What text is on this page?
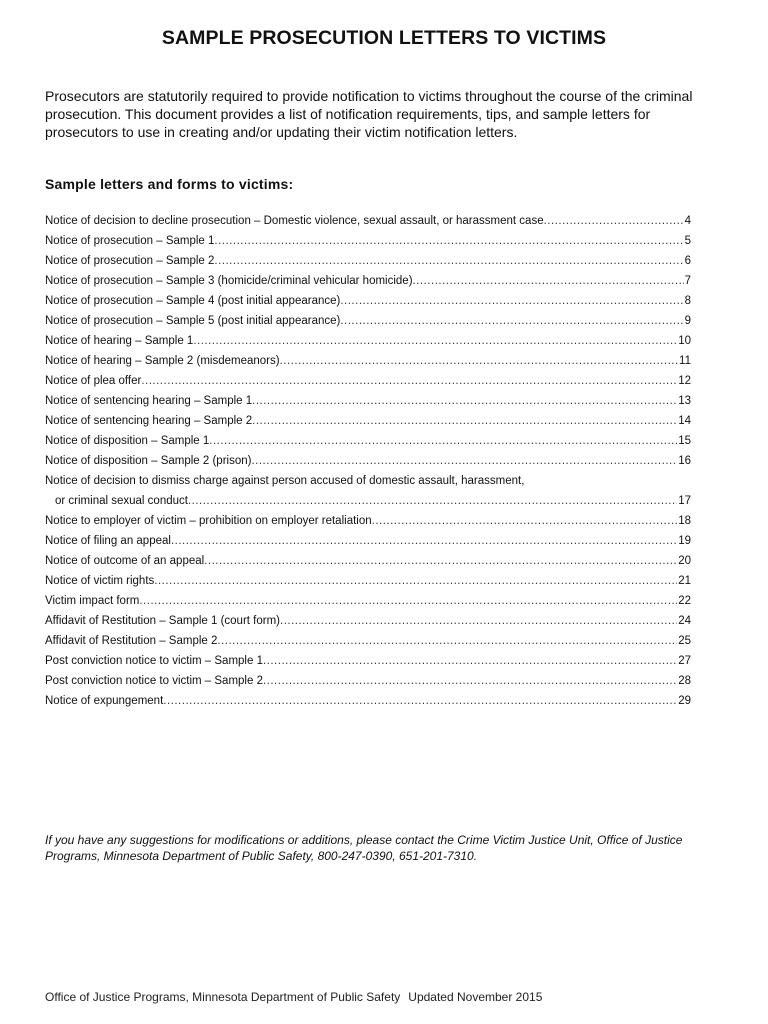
SAMPLE PROSECUTION LETTERS TO VICTIMS

Prosecutors are statutorily required to provide notification to victims throughout the course of the criminal prosecution. This document provides a list of notification requirements, tips, and sample letters for prosecutors to use in creating and/or updating their victim notification letters.

Sample letters and forms to victims:
Notice of decision to decline prosecution – Domestic violence, sexual assault, or harassment case .....	4
Notice of prosecution – Sample 1 .....	5
Notice of prosecution – Sample 2 .....	6
Notice of prosecution – Sample 3 (homicide/criminal vehicular homicide) .....	7
Notice of prosecution – Sample 4 (post initial appearance) .....	8
Notice of prosecution – Sample 5 (post initial appearance) .....	9
Notice of hearing – Sample 1 .....	10
Notice of hearing – Sample 2 (misdemeanors) .....	11
Notice of plea offer .....	12
Notice of sentencing hearing – Sample 1 .....	13
Notice of sentencing hearing – Sample 2 .....	14
Notice of disposition – Sample 1 .....	15
Notice of disposition – Sample 2 (prison) .....	16
Notice of decision to dismiss charge against person accused of domestic assault, harassment,
or criminal sexual conduct .....	17
Notice to employer of victim – prohibition on employer retaliation .....	18
Notice of filing an appeal .....	19
Notice of outcome of an appeal .....	20
Notice of victim rights .....	21
Victim impact form .....	22
Affidavit of Restitution – Sample 1 (court form) .....	24
Affidavit of Restitution – Sample 2 .....	25
Post conviction notice to victim – Sample 1 .....	27
Post conviction notice to victim – Sample 2 .....	28
Notice of expungement .....	29

If you have any suggestions for modifications or additions, please contact the Crime Victim Justice Unit, Office of Justice Programs, Minnesota Department of Public Safety, 800-247-0390, 651-201-7310.

Office of Justice Programs, Minnesota Department of Public Safety Updated November 2015
